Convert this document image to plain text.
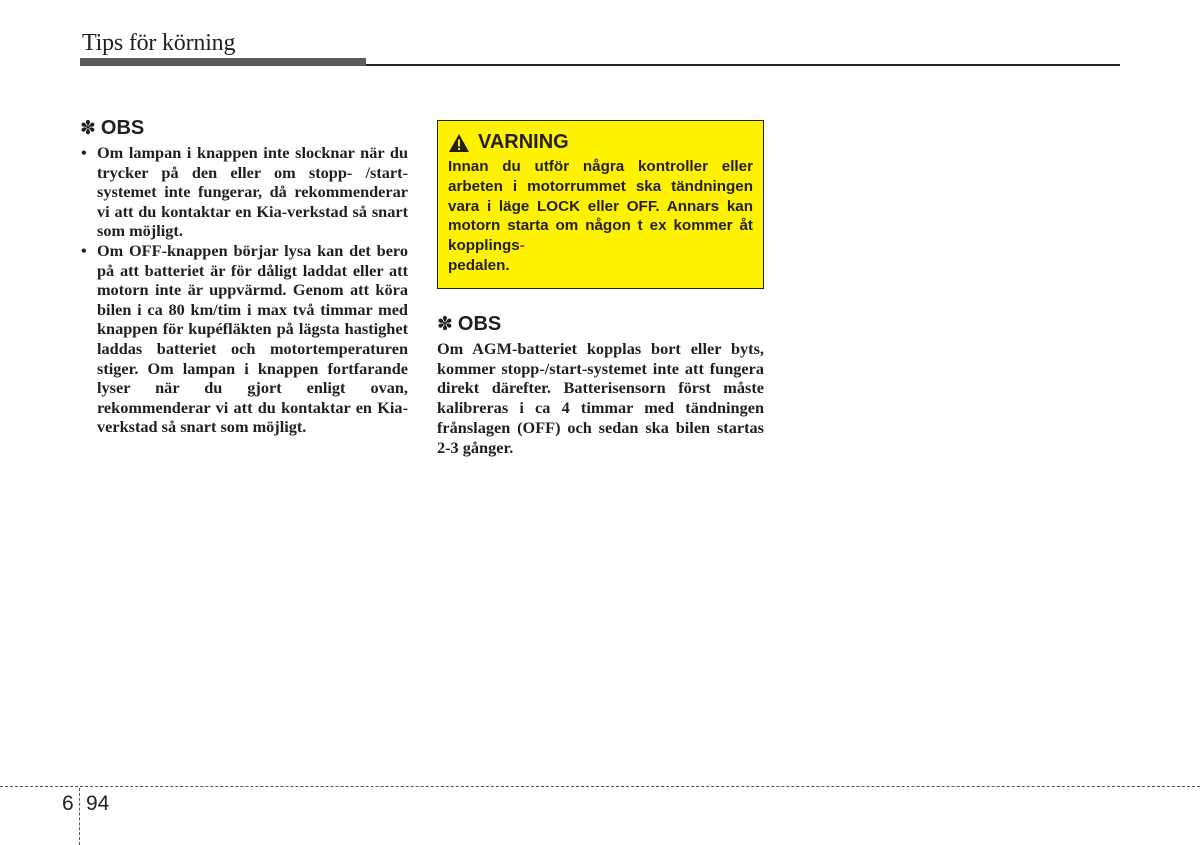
Tips för körning
✽ OBS
• Om lampan i knappen inte slocknar när du trycker på den eller om stopp- /start-systemet inte fungerar, då rekommenderar vi att du kontaktar en Kia-verkstad så snart som möjligt.
• Om OFF-knappen börjar lysa kan det bero på att batteriet är för dåligt laddat eller att motorn inte är uppvärmd. Genom att köra bilen i ca 80 km/tim i max två timmar med knappen för kupéfläkten på lägsta hastighet laddas batteriet och motortemperaturen stiger. Om lampan i knappen fortfarande lyser när du gjort enligt ovan, rekommenderar vi att du kontaktar en Kia-verkstad så snart som möjligt.
VARNING
Innan du utför några kontroller eller arbeten i motorrummet ska tändningen vara i läge LOCK eller OFF. Annars kan motorn starta om någon t ex kommer åt kopplings-
pedalen.
✽ OBS

Om AGM-batteriet kopplas bort eller byts, kommer stopp-/start-systemet inte att fungera direkt därefter. Batterisensorn först måste kalibreras i ca 4 timmar med tändningen frånslagen (OFF) och sedan ska bilen startas 2-3 gånger.

6 94
